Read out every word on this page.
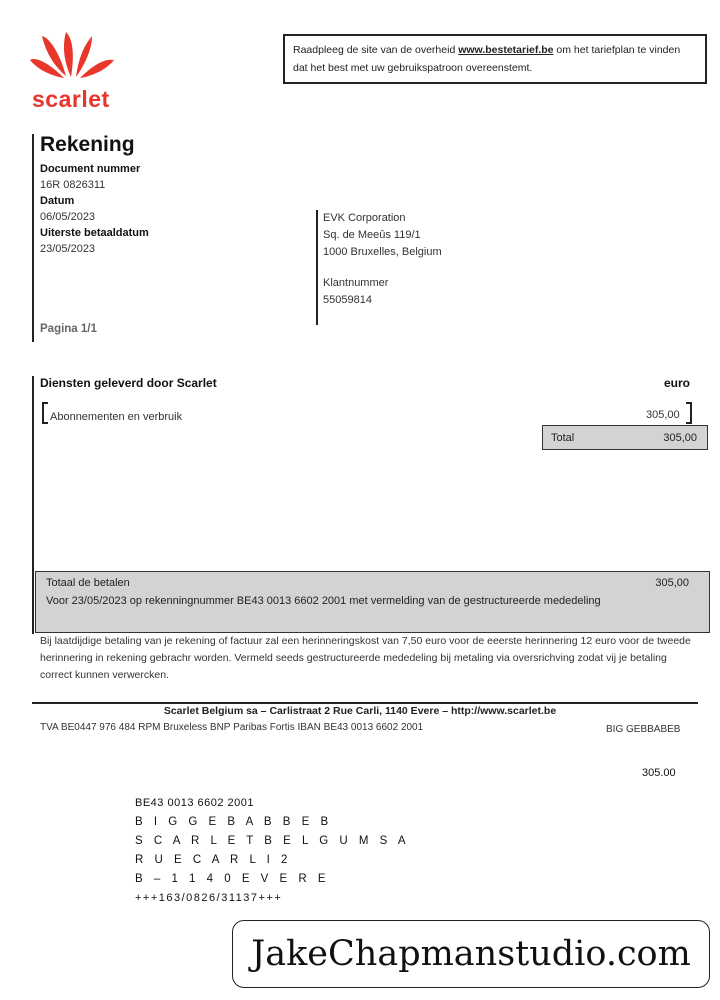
scarlet
Raadpleeg de site van de overheid www.bestetarief.be om het tariefplan te vinden dat het best met uw gebruikspatroon overeenstemt.
Rekening
Document nummer
16R 0826311
Datum
06/05/2023
Uiterste betaaldatum
23/05/2023
Pagina 1/1
EVK Corporation
Sq. de Meeûs 119/1
1000 Bruxelles, Belgium
Klantnummer
55059814
Diensten geleverd door Scarlet	euro
Abonnementen en verbruik	305,00
Total	305,00
Totaal de betalen	305,00
Voor 23/05/2023 op rekenningnummer BE43 0013 6602 2001 met vermelding van de gestructureerde mededeling
Bij laatdijdige betaling van je rekening of factuur zal een herinneringskost van 7,50 euro voor de eeerste herinnering 12 euro voor de tweede herinnering in rekening gebrachr worden. Vermeld seeds gestructureerde mededeling bij metaling via oversrichving zodat vij je betaling correct kunnen verwercken.
Scarlet Belgium sa – Carlistraat 2 Rue Carli, 1140 Evere – http://www.scarlet.be
TVA BE0447 976 484 RPM Bruxeless BNP Paribas Fortis IBAN BE43 0013 6602 2001	BIG GEBBABEB
305.00
BE43 0013 6602 2001
B I G G E B A B B E B
S C A R L E T B E L G U M S A
R U E C A R L I 2
B – 1 1 4 0 E V E R E
+++163/0826/31137+++
JakeChapmanstudio.com
